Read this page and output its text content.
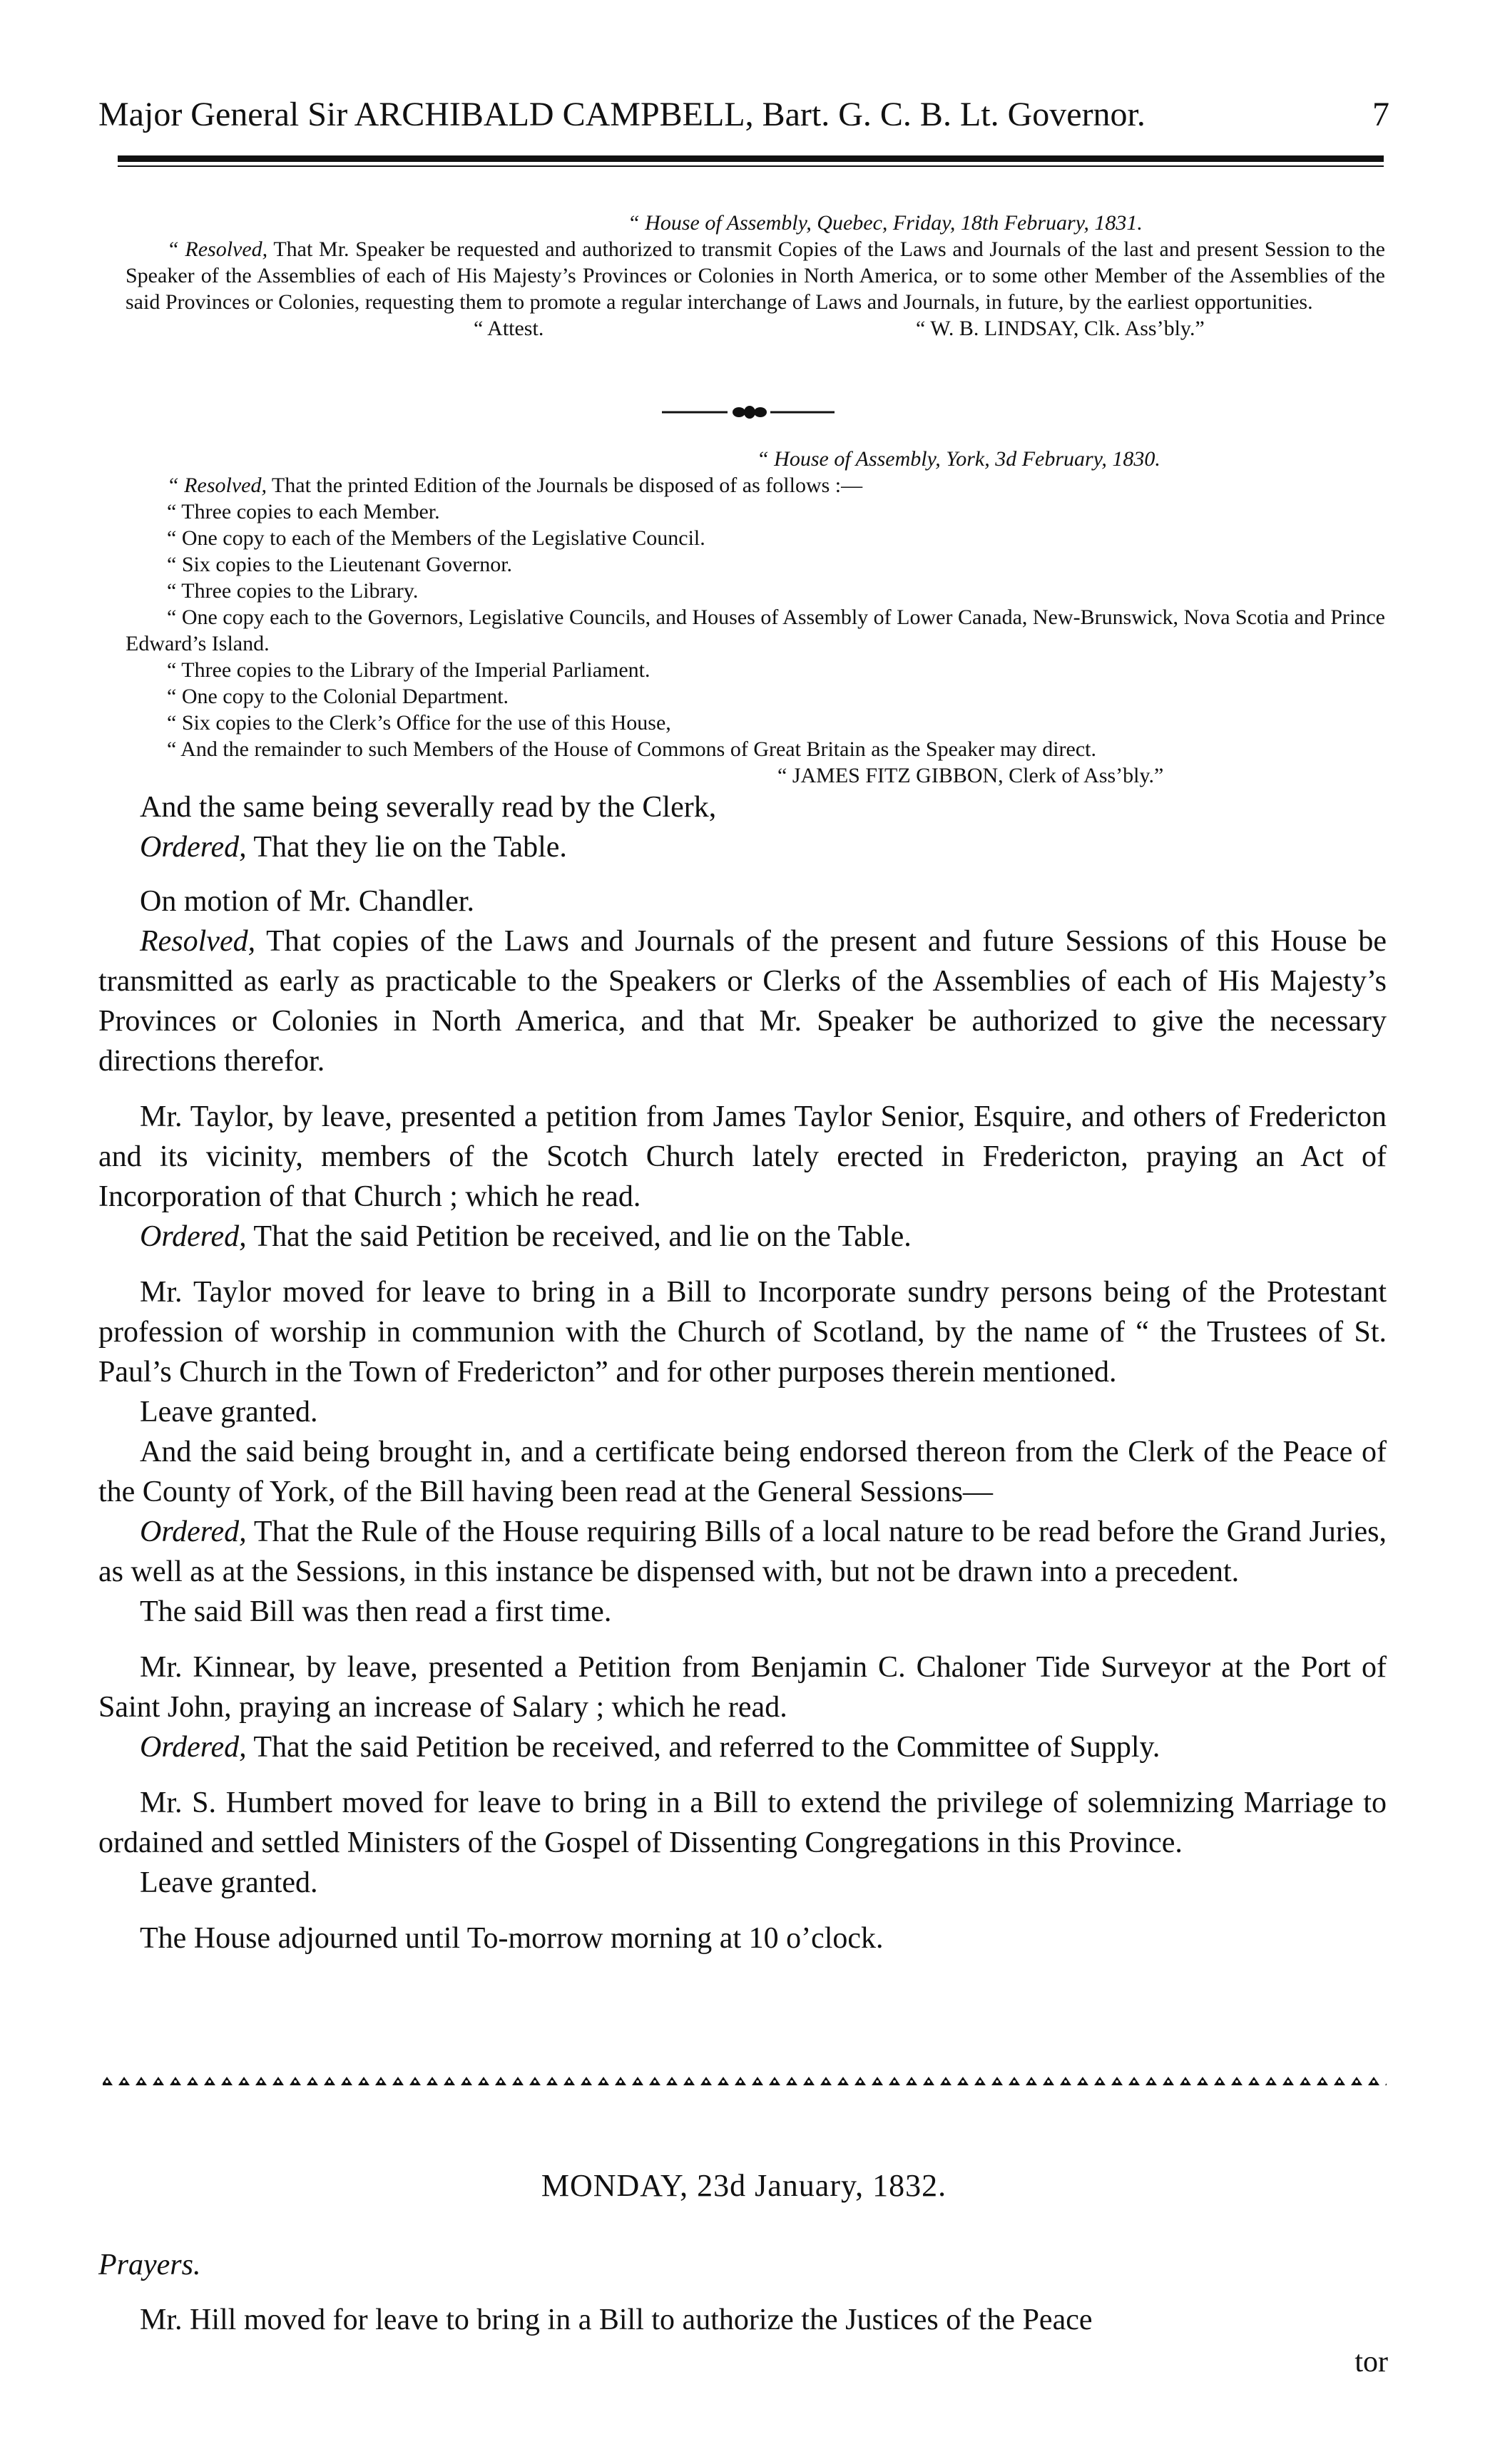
Major General Sir ARCHIBALD CAMPBELL, Bart. G. C. B. Lt. Governor.	7

“ House of Assembly, Quebec, Friday, 18th February, 1831.

“ Resolved, That Mr. Speaker be requested and authorized to transmit Copies of the Laws and Journals of the last and present Session to the Speaker of the Assemblies of each of His Majesty’s Provinces or Colonies in North America, or to some other Member of the Assemblies of the said Provinces or Colonies, requesting them to promote a regular interchange of Laws and Journals, in future, by the earliest opportunities.

“ Attest.	“ W. B. LINDSAY, Clk. Ass’bly.”

“ House of Assembly, York, 3d February, 1830.

“ Resolved, That the printed Edition of the Journals be disposed of as follows :—

“ Three copies to each Member.

“ One copy to each of the Members of the Legislative Council.

“ Six copies to the Lieutenant Governor.

“ Three copies to the Library.

“ One copy each to the Governors, Legislative Councils, and Houses of Assembly of Lower Canada, New-Brunswick, Nova Scotia and Prince Edward’s Island.

“ Three copies to the Library of the Imperial Parliament.

“ One copy to the Colonial Department.

“ Six copies to the Clerk’s Office for the use of this House,

“ And the remainder to such Members of the House of Commons of Great Britain as the Speaker may direct.

“ JAMES FITZ GIBBON, Clerk of Ass’bly.”

And the same being severally read by the Clerk,

Ordered, That they lie on the Table.

On motion of Mr. Chandler.

Resolved, That copies of the Laws and Journals of the present and future Sessions of this House be transmitted as early as practicable to the Speakers or Clerks of the Assemblies of each of His Majesty’s Provinces or Colonies in North America, and that Mr. Speaker be authorized to give the necessary directions therefor.

Mr. Taylor, by leave, presented a petition from James Taylor Senior, Esquire, and others of Fredericton and its vicinity, members of the Scotch Church lately erected in Fredericton, praying an Act of Incorporation of that Church ; which he read.

Ordered, That the said Petition be received, and lie on the Table.

Mr. Taylor moved for leave to bring in a Bill to Incorporate sundry persons being of the Protestant profession of worship in communion with the Church of Scotland, by the name of “ the Trustees of St. Paul’s Church in the Town of Fredericton” and for other purposes therein mentioned.

Leave granted.

And the said being brought in, and a certificate being endorsed thereon from the Clerk of the Peace of the County of York, of the Bill having been read at the General Sessions—

Ordered, That the Rule of the House requiring Bills of a local nature to be read before the Grand Juries, as well as at the Sessions, in this instance be dispensed with, but not be drawn into a precedent.

The said Bill was then read a first time.

Mr. Kinnear, by leave, presented a Petition from Benjamin C. Chaloner Tide Surveyor at the Port of Saint John, praying an increase of Salary ; which he read.

Ordered, That the said Petition be received, and referred to the Committee of Supply.

Mr. S. Humbert moved for leave to bring in a Bill to extend the privilege of solemnizing Marriage to ordained and settled Ministers of the Gospel of Dissenting Congregations in this Province.

Leave granted.

The House adjourned until To-morrow morning at 10 o’clock.

MONDAY, 23d January, 1832.
Prayers.
Mr. Hill moved for leave to bring in a Bill to authorize the Justices of the Peace
tor
